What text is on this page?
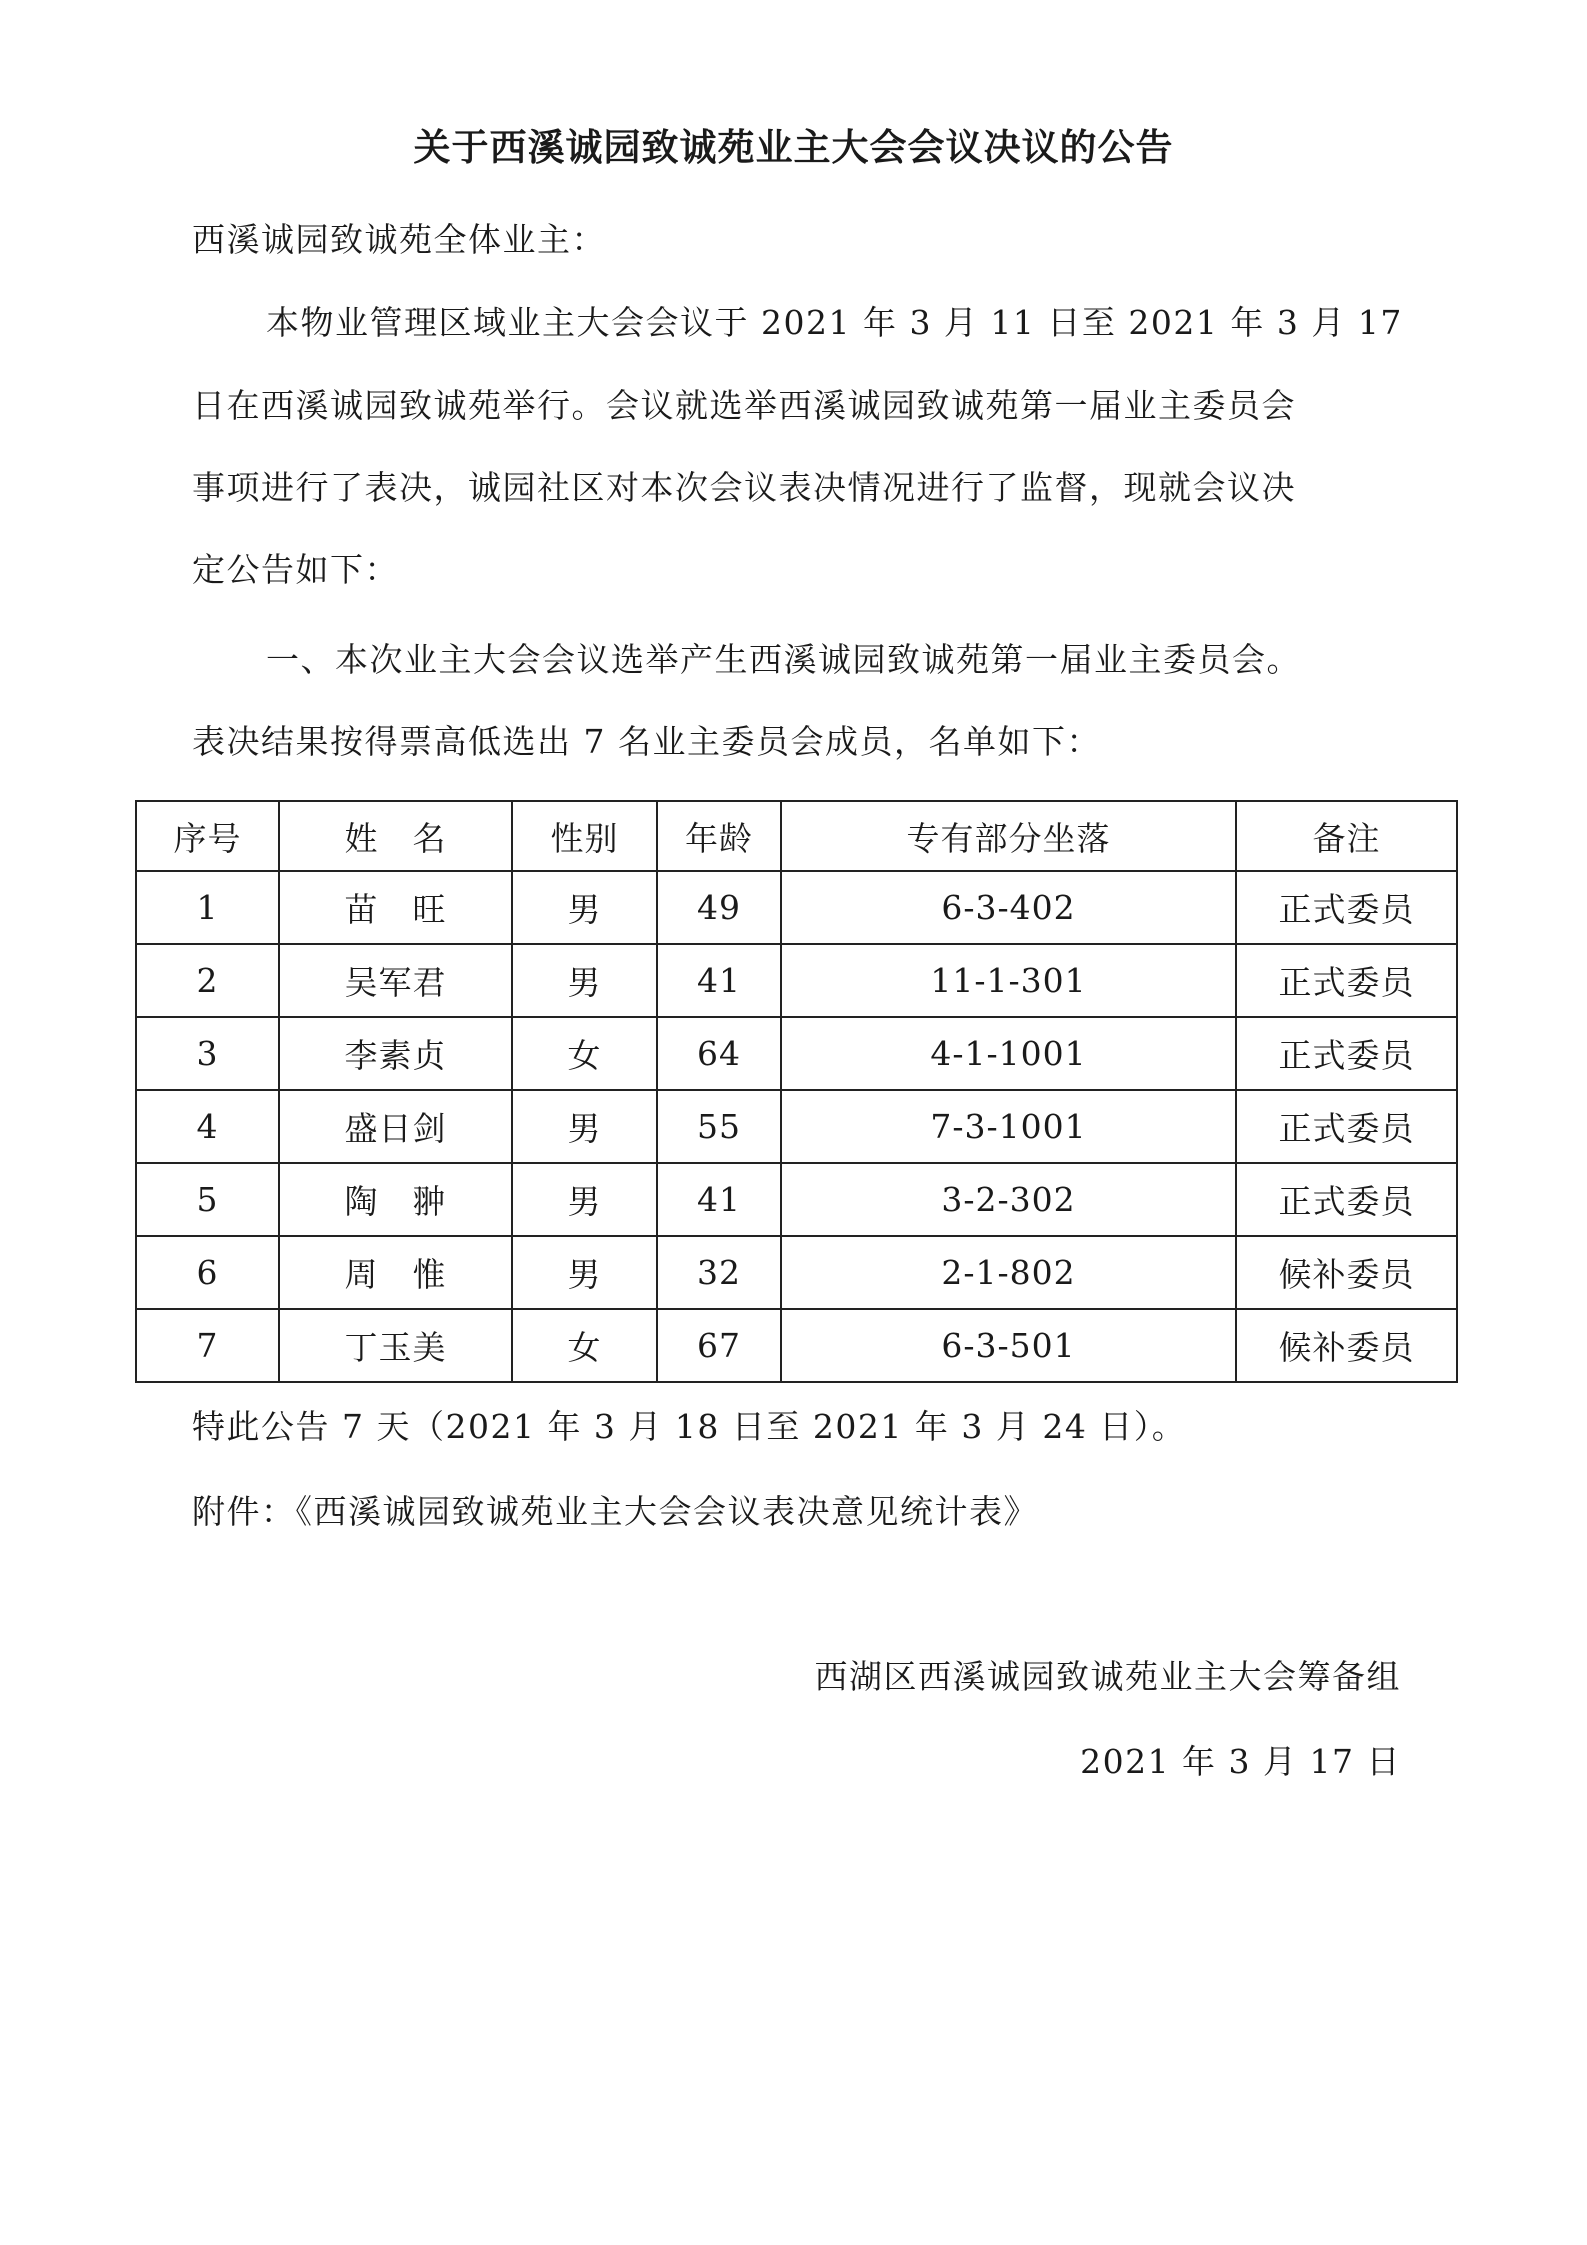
关于西溪诚园致诚苑业主大会会议决议的公告
西溪诚园致诚苑全体业主：
本物业管理区域业主大会会议于 2021 年 3 月 11 日至 2021 年 3 月 17
日在西溪诚园致诚苑举行。会议就选举西溪诚园致诚苑第一届业主委员会
事项进行了表决，诚园社区对本次会议表决情况进行了监督，现就会议决
定公告如下：
一、本次业主大会会议选举产生西溪诚园致诚苑第一届业主委员会。
表决结果按得票高低选出 7 名业主委员会成员，名单如下：
序号	姓　名	性别	年龄	专有部分坐落	备注
1	苗　旺	男	49	6-3-402	正式委员
2	吴军君	男	41	11-1-301	正式委员
3	李素贞	女	64	4-1-1001	正式委员
4	盛日剑	男	55	7-3-1001	正式委员
5	陶　翀	男	41	3-2-302	正式委员
6	周　惟	男	32	2-1-802	候补委员
7	丁玉美	女	67	6-3-501	候补委员
特此公告 7 天（2021 年 3 月 18 日至 2021 年 3 月 24 日）。
附件：《西溪诚园致诚苑业主大会会议表决意见统计表》
西湖区西溪诚园致诚苑业主大会筹备组
2021 年 3 月 17 日
